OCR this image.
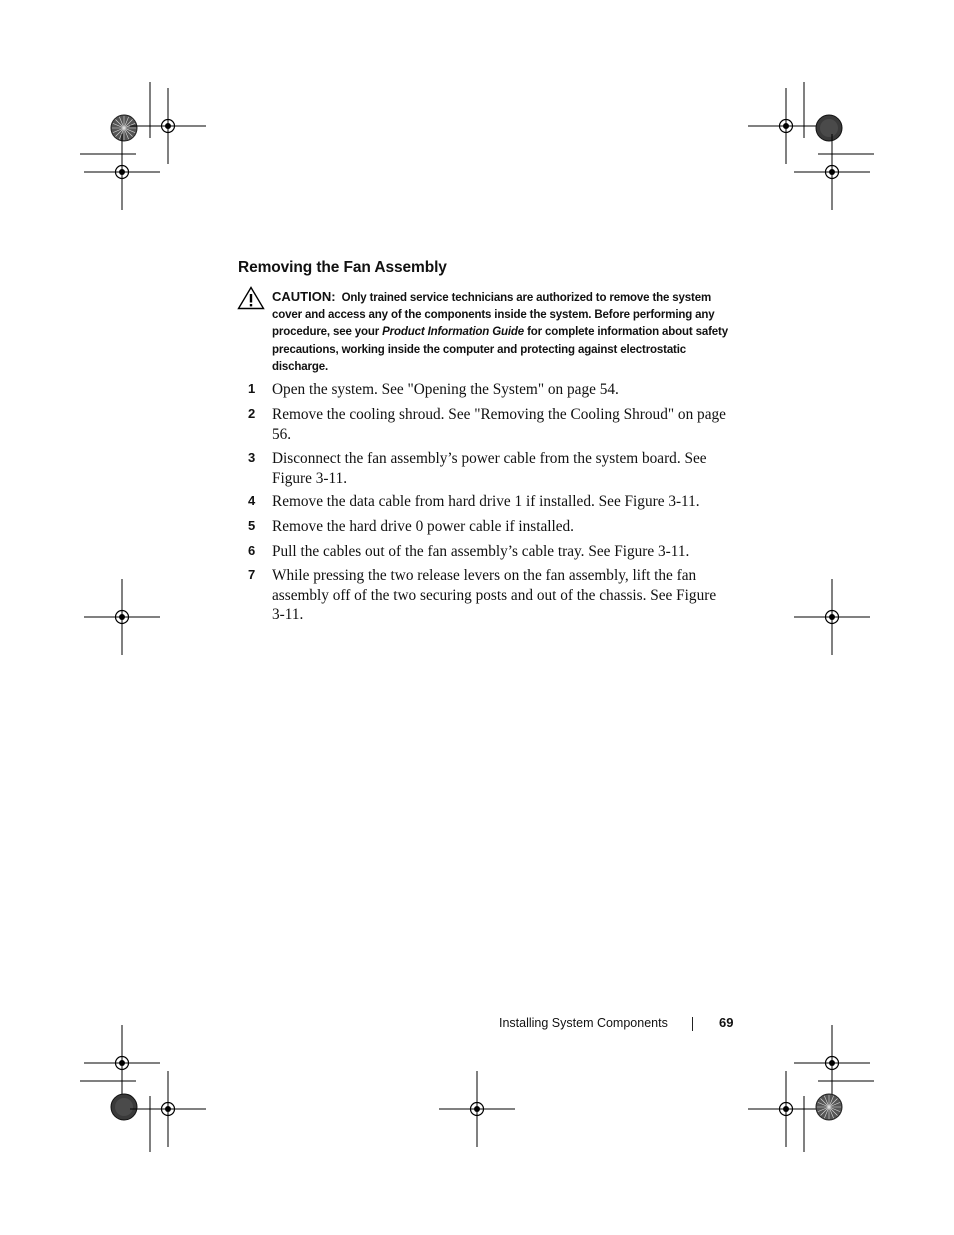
Removing the Fan Assembly
CAUTION: Only trained service technicians are authorized to remove the system cover and access any of the components inside the system. Before performing any procedure, see your Product Information Guide for complete information about safety precautions, working inside the computer and protecting against electrostatic discharge.
1 Open the system. See "Opening the System" on page 54.
2 Remove the cooling shroud. See "Removing the Cooling Shroud" on page 56.
3 Disconnect the fan assembly’s power cable from the system board. See Figure 3-11.
4 Remove the data cable from hard drive 1 if installed. See Figure 3-11.
5 Remove the hard drive 0 power cable if installed.
6 Pull the cables out of the fan assembly’s cable tray. See Figure 3-11.
7 While pressing the two release levers on the fan assembly, lift the fan assembly off of the two securing posts and out of the chassis. See Figure 3-11.
Installing System Components	69
